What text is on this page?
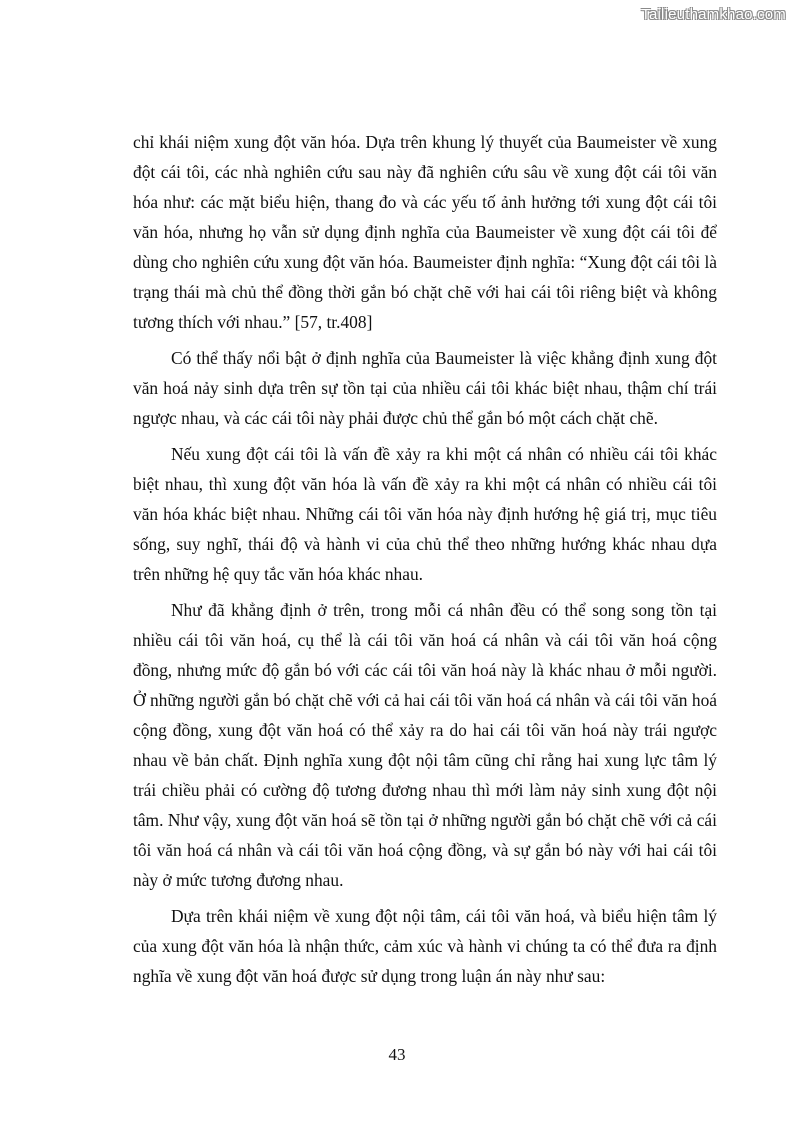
Tailieuthamkhao.com

chỉ khái niệm xung đột văn hóa. Dựa trên khung lý thuyết của Baumeister về xung đột cái tôi, các nhà nghiên cứu sau này đã nghiên cứu sâu về xung đột cái tôi văn hóa như: các mặt biểu hiện, thang đo và các yếu tố ảnh hưởng tới xung đột cái tôi văn hóa, nhưng họ vẫn sử dụng định nghĩa của Baumeister về xung đột cái tôi để dùng cho nghiên cứu xung đột văn hóa. Baumeister định nghĩa: “Xung đột cái tôi là trạng thái mà chủ thể đồng thời gắn bó chặt chẽ với hai cái tôi riêng biệt và không tương thích với nhau.” [57, tr.408]

Có thể thấy nổi bật ở định nghĩa của Baumeister là việc khẳng định xung đột văn hoá nảy sinh dựa trên sự tồn tại của nhiều cái tôi khác biệt nhau, thậm chí trái ngược nhau, và các cái tôi này phải được chủ thể gắn bó một cách chặt chẽ.

Nếu xung đột cái tôi là vấn đề xảy ra khi một cá nhân có nhiều cái tôi khác biệt nhau, thì xung đột văn hóa là vấn đề xảy ra khi một cá nhân có nhiều cái tôi văn hóa khác biệt nhau. Những cái tôi văn hóa này định hướng hệ giá trị, mục tiêu sống, suy nghĩ, thái độ và hành vi của chủ thể theo những hướng khác nhau dựa trên những hệ quy tắc văn hóa khác nhau.

Như đã khẳng định ở trên, trong mỗi cá nhân đều có thể song song tồn tại nhiều cái tôi văn hoá, cụ thể là cái tôi văn hoá cá nhân và cái tôi văn hoá cộng đồng, nhưng mức độ gắn bó với các cái tôi văn hoá này là khác nhau ở mỗi người. Ở những người gắn bó chặt chẽ với cả hai cái tôi văn hoá cá nhân và cái tôi văn hoá cộng đồng, xung đột văn hoá có thể xảy ra do hai cái tôi văn hoá này trái ngược nhau về bản chất. Định nghĩa xung đột nội tâm cũng chỉ rằng hai xung lực tâm lý trái chiều phải có cường độ tương đương nhau thì mới làm nảy sinh xung đột nội tâm. Như vậy, xung đột văn hoá sẽ tồn tại ở những người gắn bó chặt chẽ với cả cái tôi văn hoá cá nhân và cái tôi văn hoá cộng đồng, và sự gắn bó này với hai cái tôi này ở mức tương đương nhau.

Dựa trên khái niệm về xung đột nội tâm, cái tôi văn hoá, và biểu hiện tâm lý của xung đột văn hóa là nhận thức, cảm xúc và hành vi chúng ta có thể đưa ra định nghĩa về xung đột văn hoá được sử dụng trong luận án này như sau:

43
